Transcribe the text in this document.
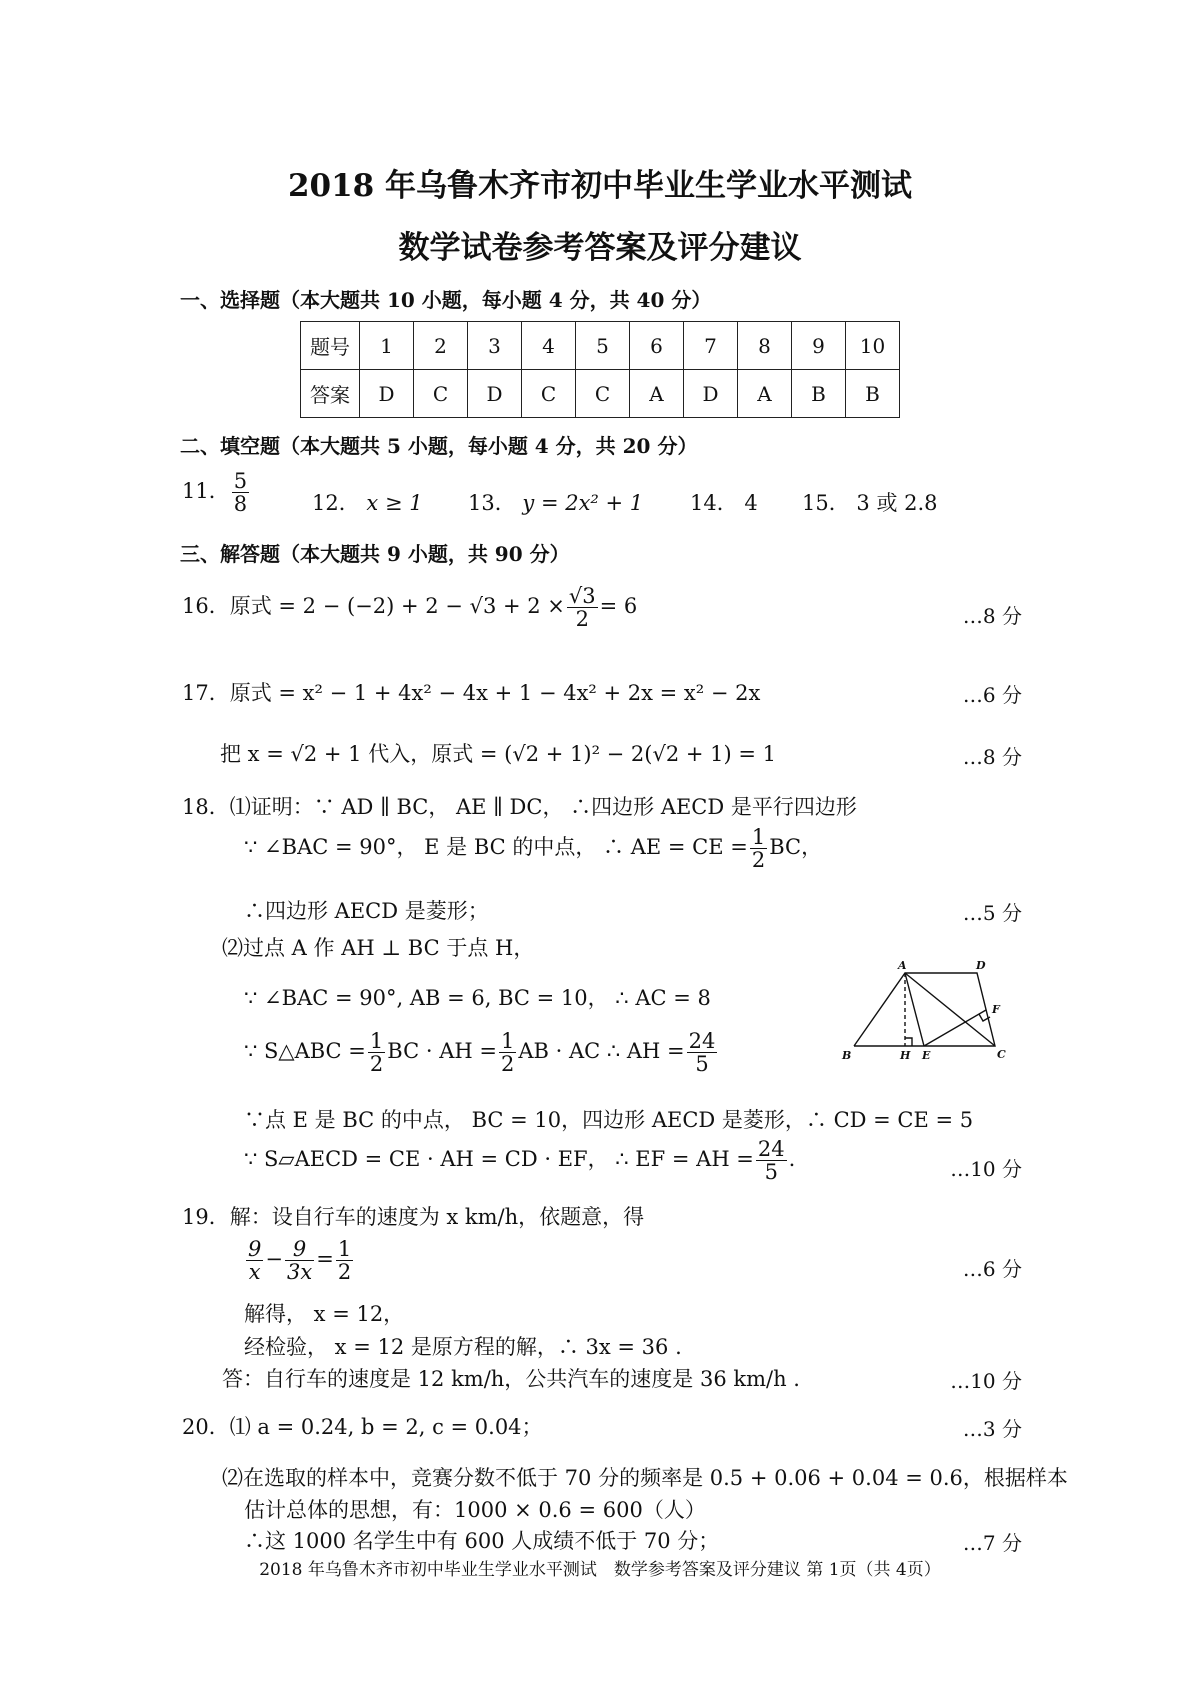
2018 年乌鲁木齐市初中毕业生学业水平测试
数学试卷参考答案及评分建议
一、选择题（本大题共 10 小题，每小题 4 分，共 40 分）
题号	1	2	3	4	5	6	7	8	9	10
答案	D	C	D	C	C	A	D	A	B	B
二、填空题（本大题共 5 小题，每小题 4 分，共 20 分）
11． $\frac{5}{8}$	12． x ≥ 1 13． y = 2x² + 1 14． 4 15． 3 或 2.8
三、解答题（本大题共 9 小题，共 90 分）
16．原式 = $2 - (-2) + 2 - √3 + 2 \times \frac{√3}{2} = 6$	…8 分
17．原式 = x² − 1 + 4x² − 4x + 1 − 4x² + 2x = x² − 2x	…6 分
把 x = √2 + 1 代入，原式 = (√2 + 1)² − 2(√2 + 1) = 1	…8 分
18．⑴证明：∵ AD ∥ BC， AE ∥ DC， ∴四边形 AECD 是平行四边形
∵ ∠BAC = 90°， E 是 BC 的中点， ∴ AE = CE = $\frac{1}{2}$ BC，
∴四边形 AECD 是菱形；	…5 分
⑵过点 A 作 AH ⊥ BC 于点 H，
∵ ∠BAC = 90°, AB = 6, BC = 10， ∴ AC = 8
∵ S△ABC = $\frac{1}{2}$ BC · AH = $\frac{1}{2}$ AB · AC ∴ AH = $\frac{24}{5}$
∵点 E 是 BC 的中点， BC = 10，四边形 AECD 是菱形，∴ CD = CE = 5
∵ S▱AECD = CE · AH = CD · EF， ∴ EF = AH = $\frac{24}{5}$ .	…10 分
A	D
B	H E	C
F
19．解：设自行车的速度为 x km/h，依题意，得
$\frac{9}{x} - \frac{9}{3x} = \frac{1}{2}$	…6 分
解得， x = 12，
经检验， x = 12 是原方程的解，∴ 3x = 36 .
答：自行车的速度是 12 km/h，公共汽车的速度是 36 km/h .	…10 分
20．⑴ a = 0.24, b = 2, c = 0.04；	…3 分
⑵在选取的样本中，竞赛分数不低于 70 分的频率是 0.5 + 0.06 + 0.04 = 0.6，根据样本
估计总体的思想，有：1000 × 0.6 = 600（人）
∴这 1000 名学生中有 600 人成绩不低于 70 分；	…7 分
2018 年乌鲁木齐市初中毕业生学业水平测试　数学参考答案及评分建议 第 1页（共 4页）
